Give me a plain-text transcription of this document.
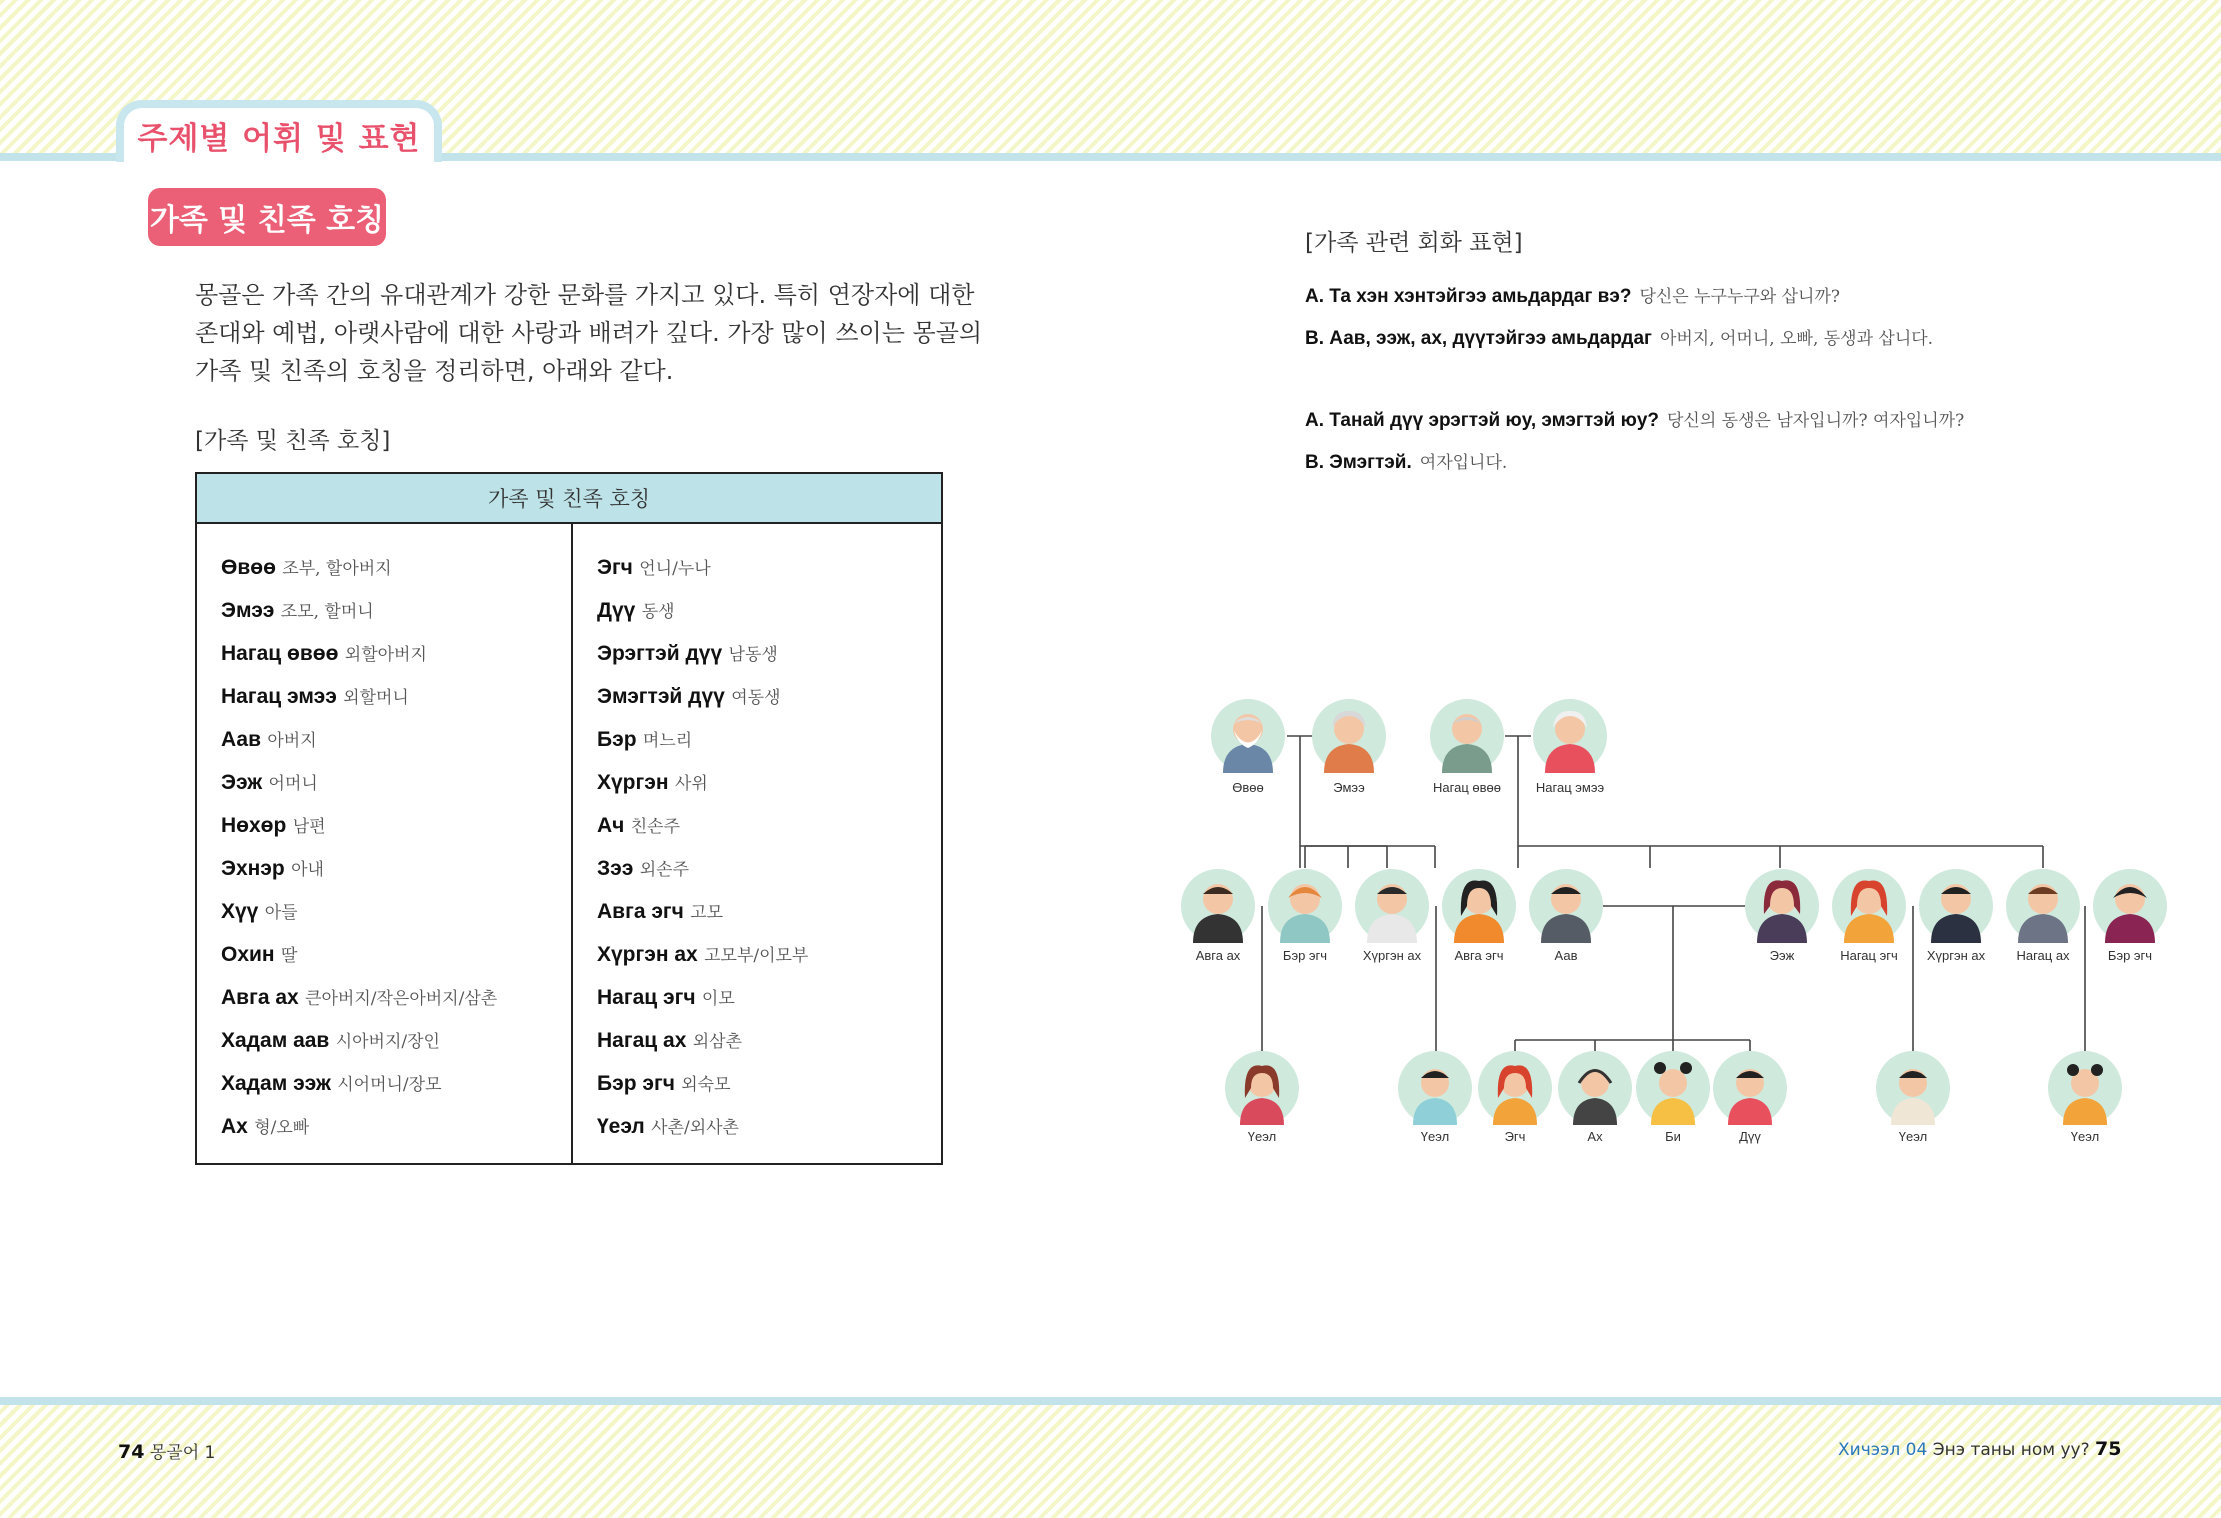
주제별 어휘 및 표현
가족 및 친족 호칭
몽골은 가족 간의 유대관계가 강한 문화를 가지고 있다. 특히 연장자에 대한 존대와 예법, 아랫사람에 대한 사랑과 배려가 깊다. 가장 많이 쓰이는 몽골의 가족 및 친족의 호칭을 정리하면, 아래와 같다.
[가족 및 친족 호칭]
가족 및 친족 호칭

Өвөө 조부, 할아버지
Эмээ 조모, 할머니
Нагац өвөө 외할아버지
Нагац эмээ 외할머니
Аав 아버지
Ээж 어머니
Нөхөр 남편
Эхнэр 아내
Хүү 아들
Охин 딸
Авга ах 큰아버지/작은아버지/삼촌
Хадам аав 시아버지/장인
Хадам ээж 시어머니/장모
Ах 형/오빠

Эгч 언니/누나
Дүү 동생
Эрэгтэй дүү 남동생
Эмэгтэй дүү 여동생
Бэр 며느리
Хүргэн 사위
Ач 친손주
Зээ 외손주
Авга эгч 고모
Хүргэн ах 고모부/이모부
Нагац эгч 이모
Нагац ах 외삼촌
Бэр эгч 외숙모
Үеэл 사촌/외사촌
[가족 관련 회화 표현]
A. Та хэн хэнтэйгээ амьдардаг вэ? 당신은 누구누구와 삽니까?
B. Аав, ээж, ах, дүүтэйгээ амьдардаг 아버지, 어머니, 오빠, 동생과 삽니다.
A. Танай дүү эрэгтэй юу, эмэгтэй юу? 당신의 동생은 남자입니까? 여자입니까?
B. Эмэгтэй. 여자입니다.
Өвөө	Эмээ	Нагац өвөө	Нагац эмээ
Авга ах	Бэр эгч	Хүргэн ах	Авга эгч	Аав	Ээж	Нагац эгч Хүргэн ах Нагац ах	Бэр эгч
Үеэл	Үеэл	Эгч	Ах	Би	Дүү	Үеэл	Үеэл
74 몽골어 1	Хичээл 04 Энэ таны ном уу? 75
